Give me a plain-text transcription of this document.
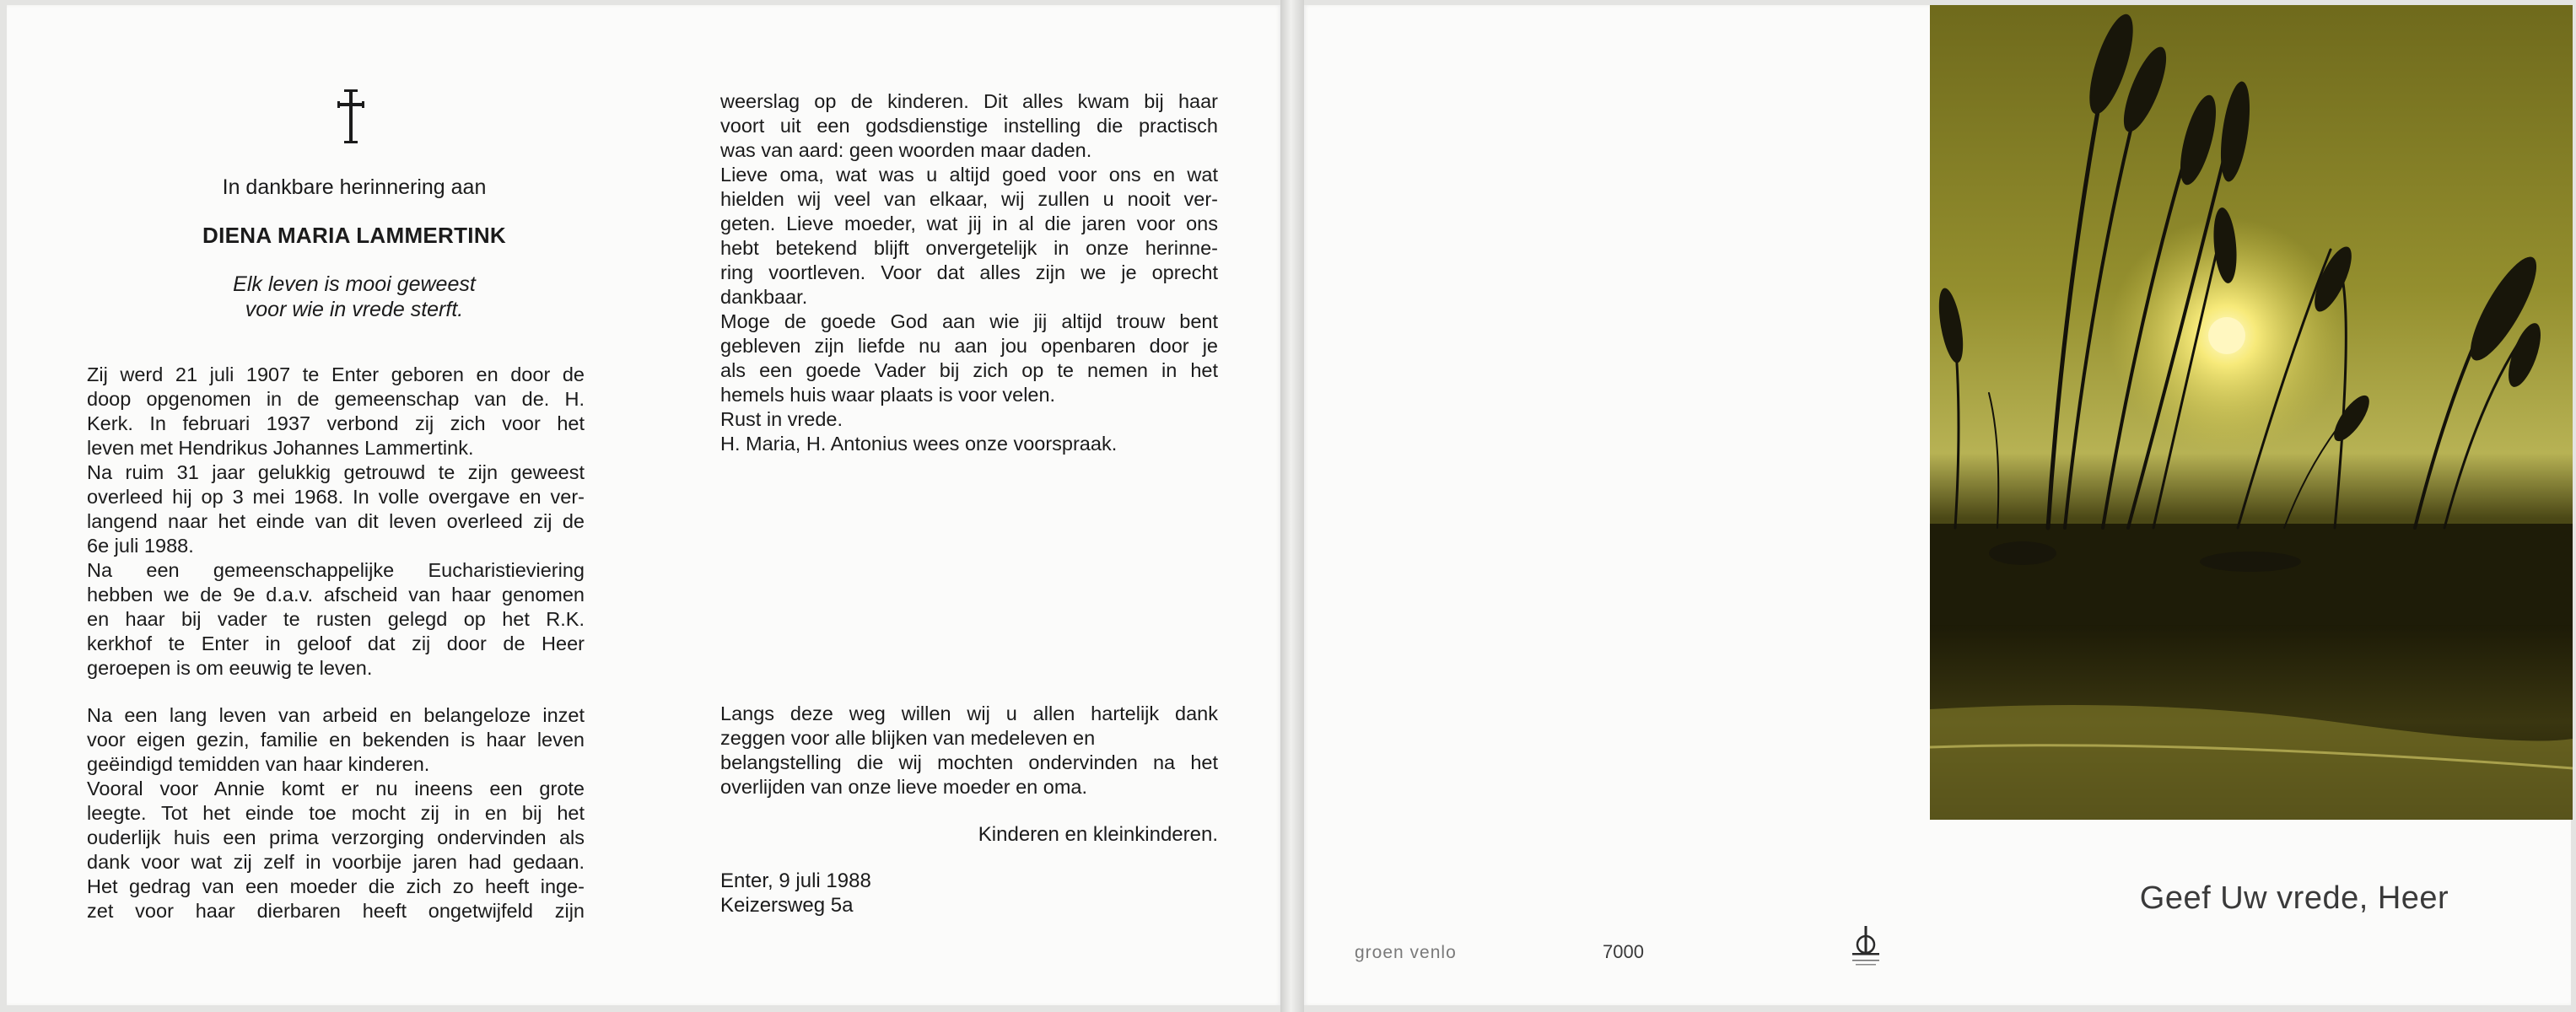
In dankbare herinnering aan
DIENA MARIA LAMMERTINK
Elk leven is mooi geweest
voor wie in vrede sterft.
Zij werd 21 juli 1907 te Enter geboren en door de
doop opgenomen in de gemeenschap van de. H.
Kerk. In februari 1937 verbond zij zich voor het
leven met Hendrikus Johannes Lammertink.
Na ruim 31 jaar gelukkig getrouwd te zijn geweest
overleed hij op 3 mei 1968. In volle overgave en ver-
langend naar het einde van dit leven overleed zij de
6e juli 1988.
Na een gemeenschappelijke Eucharistieviering
hebben we de 9e d.a.v. afscheid van haar genomen
en haar bij vader te rusten gelegd op het R.K.
kerkhof te Enter in geloof dat zij door de Heer
geroepen is om eeuwig te leven.
Na een lang leven van arbeid en belangeloze inzet
voor eigen gezin, familie en bekenden is haar leven
geëindigd temidden van haar kinderen.
Vooral voor Annie komt er nu ineens een grote
leegte. Tot het einde toe mocht zij in en bij het
ouderlijk huis een prima verzorging ondervinden als
dank voor wat zij zelf in voorbije jaren had gedaan.
Het gedrag van een moeder die zich zo heeft inge-
zet voor haar dierbaren heeft ongetwijfeld zijn
weerslag op de kinderen. Dit alles kwam bij haar
voort uit een godsdienstige instelling die practisch
was van aard: geen woorden maar daden.
Lieve oma, wat was u altijd goed voor ons en wat
hielden wij veel van elkaar, wij zullen u nooit ver-
geten. Lieve moeder, wat jij in al die jaren voor ons
hebt betekend blijft onvergetelijk in onze herinne-
ring voortleven. Voor dat alles zijn we je oprecht
dankbaar.
Moge de goede God aan wie jij altijd trouw bent
gebleven zijn liefde nu aan jou openbaren door je
als een goede Vader bij zich op te nemen in het
hemels huis waar plaats is voor velen.
Rust in vrede.
H. Maria, H. Antonius wees onze voorspraak.
Langs deze weg willen wij u allen hartelijk dank
zeggen voor alle blijken van medeleven en
belangstelling die wij mochten ondervinden na het
overlijden van onze lieve moeder en oma.
Kinderen en kleinkinderen.
Enter, 9 juli 1988
Keizersweg 5a	Geef Uw vrede, Heer
groen venlo	7000
